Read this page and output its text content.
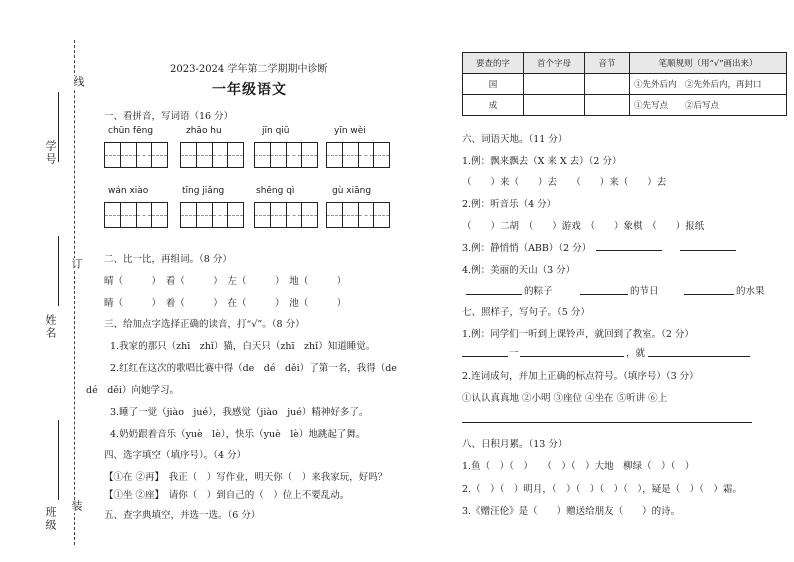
线
学号
订
姓名
装
班级
2023-2024 学年第二学期期中诊断
一年级语文
一、看拼音，写词语（16 分）
chūn fēng	zhāo hu	jīn qiū	yīn wèi
wán xiào	tīng jiǎng	shēng qì	gù xiāng
二、比一比，再组词。（8 分）
晴（　　　）　看（　　　）　左（　　　）　地（　　　）
睛（　　　）　着（　　　）　在（　　　）　池（　　　）
三、给加点字选择正确的读音，打“√”。（8 分）
1.我家的那只（zhī　zhǐ）猫，白天只（zhī　zhǐ）知道睡觉。
2.红红在这次的歌唱比赛中得（de　dé　děi）了第一名，我得（de
dé　děi）向她学习。
3.睡了一觉（jiào　jué），我感觉（jiào　jué）精神好多了。
4.奶奶跟着音乐（yuè　lè），快乐（yuè　lè）地跳起了舞。
四、选字填空（填序号）。（4 分）
【①在 ②再】　我正（　）写作业，明天你（　）来我家玩，好吗？
【①坐 ②座】　请你（　）到自己的（　）位上不要乱动。
五、查字典填空，并选一选。（6 分）
要查的字	首个字母	音节	笔顺规则（用“√”画出来）
国			①先外后内　②先外后内，再封口
成			①先写点　　②后写点
六、词语天地。（11 分）
1.例：飘来飘去（X 来 X 去）（2 分）
（　　）来（　　）去　　（　　）来（　　）去
2.例：听音乐（4 分）
（　　）二胡　（　　）游戏　（　　）象棋　（　　）报纸
3.例：静悄悄（ABB）（2 分）
4.例：美丽的天山（3 分）
的粽子	的节日	的水果
七、照样子，写句子。（5 分）
1.例：同学们一听到上课铃声，就回到了教室。（2 分）
一	，就
2.连词成句，并加上正确的标点符号。（填序号）（3 分）
①认认真真地 ②小明 ③座位 ④坐在 ⑤听讲 ⑥上
八、日积月累。（13 分）
1.鱼（　）（　）　　（　）（　）大地　柳绿（　）（　）
2.（　）（　）明月，（　）（　）（　）（　），疑是（　）（　）霜。
3.《赠汪伦》是（　　）赠送给朋友（　　）的诗。
